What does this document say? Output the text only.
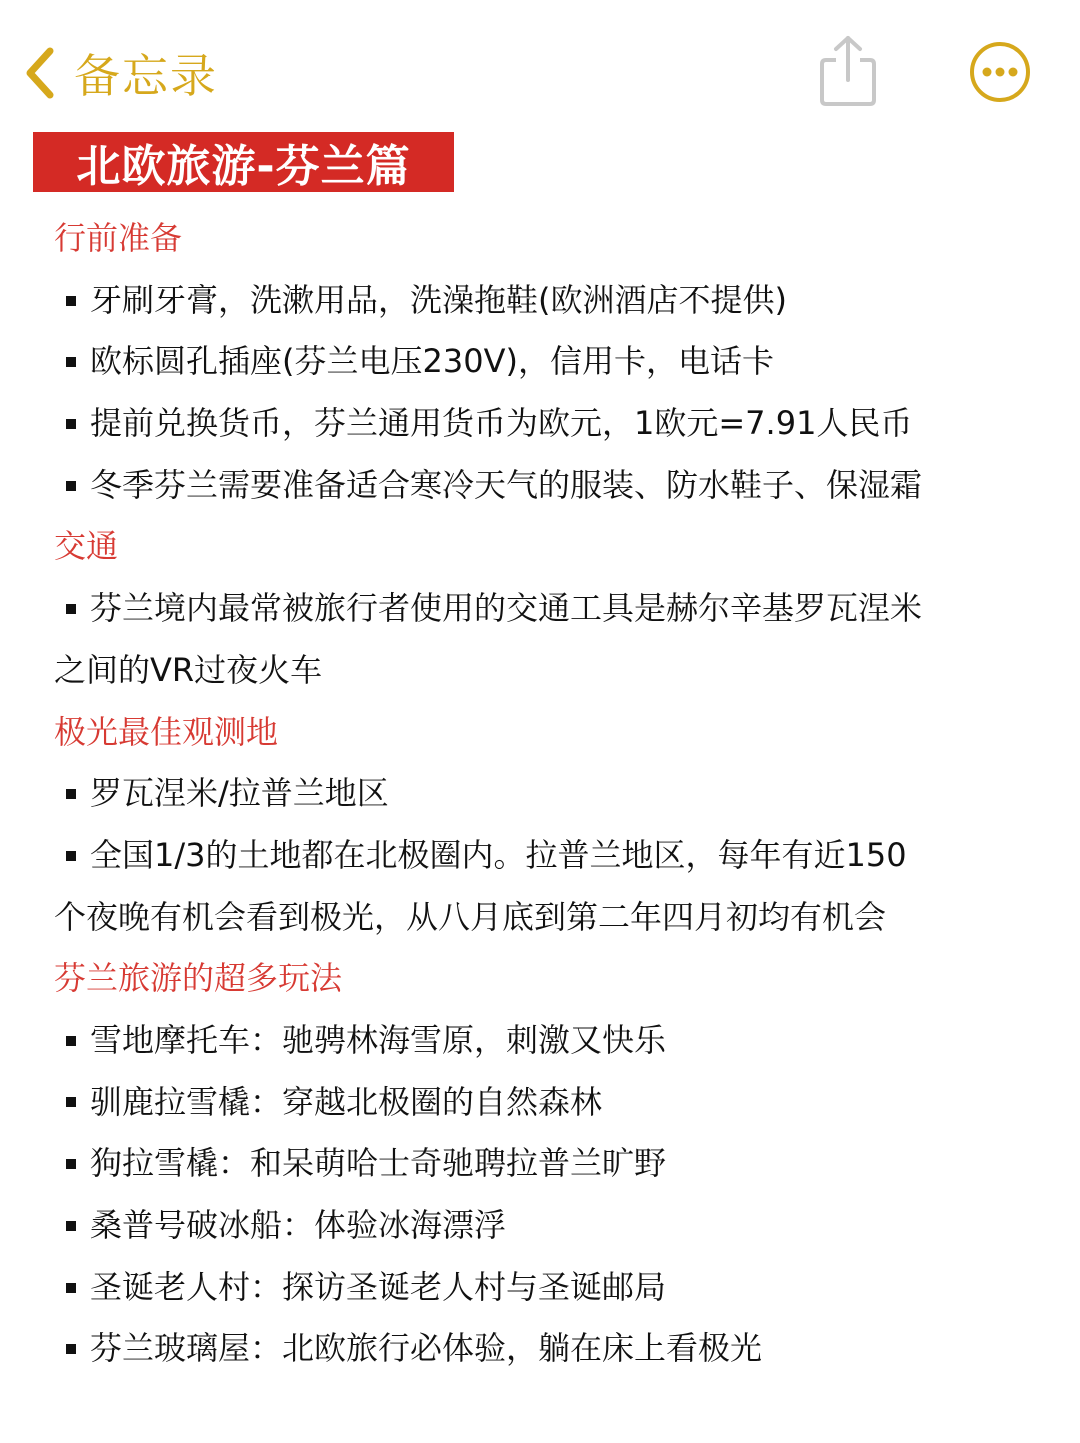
备忘录
北欧旅游-芬兰篇
行前准备
牙刷牙膏，洗漱用品，洗澡拖鞋(欧洲酒店不提供)
欧标圆孔插座(芬兰电压230V)，信用卡，电话卡
提前兑换货币，芬兰通用货币为欧元，1欧元=7.91人民币
冬季芬兰需要准备适合寒冷天气的服装、防水鞋子、保湿霜
交通
芬兰境内最常被旅行者使用的交通工具是赫尔辛基罗瓦涅米
之间的VR过夜火车
极光最佳观测地
罗瓦涅米/拉普兰地区
全国1/3的土地都在北极圈内。拉普兰地区，每年有近150
个夜晚有机会看到极光，从八月底到第二年四月初均有机会
芬兰旅游的超多玩法
雪地摩托车：驰骋林海雪原，刺激又快乐
驯鹿拉雪橇：穿越北极圈的自然森林
狗拉雪橇：和呆萌哈士奇驰聘拉普兰旷野
桑普号破冰船：体验冰海漂浮
圣诞老人村：探访圣诞老人村与圣诞邮局
芬兰玻璃屋：北欧旅行必体验，躺在床上看极光
